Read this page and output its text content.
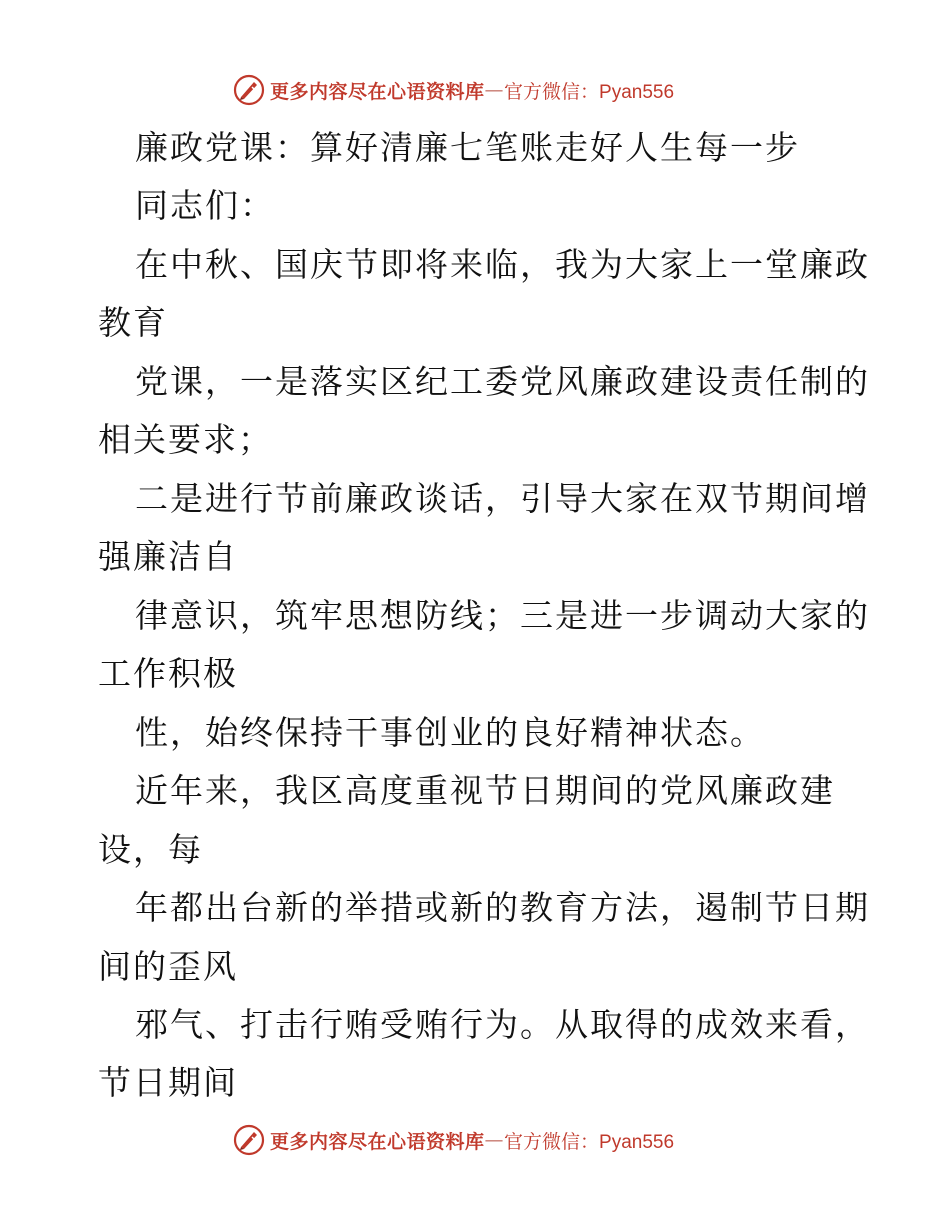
更多内容尽在心语资料库 — 官方微信：Pyan556
廉政党课：算好清廉七笔账走好人生每一步
同志们：
在中秋、国庆节即将来临，我为大家上一堂廉政
教育
党课，一是落实区纪工委党风廉政建设责任制的
相关要求；
二是进行节前廉政谈话，引导大家在双节期间增
强廉洁自
律意识，筑牢思想防线；三是进一步调动大家的
工作积极
性，始终保持干事创业的良好精神状态。
近年来，我区高度重视节日期间的党风廉政建
设，每
年都出台新的举措或新的教育方法，遏制节日期
间的歪风
邪气、打击行贿受贿行为。从取得的成效来看，
节日期间
更多内容尽在心语资料库 — 官方微信：Pyan556
